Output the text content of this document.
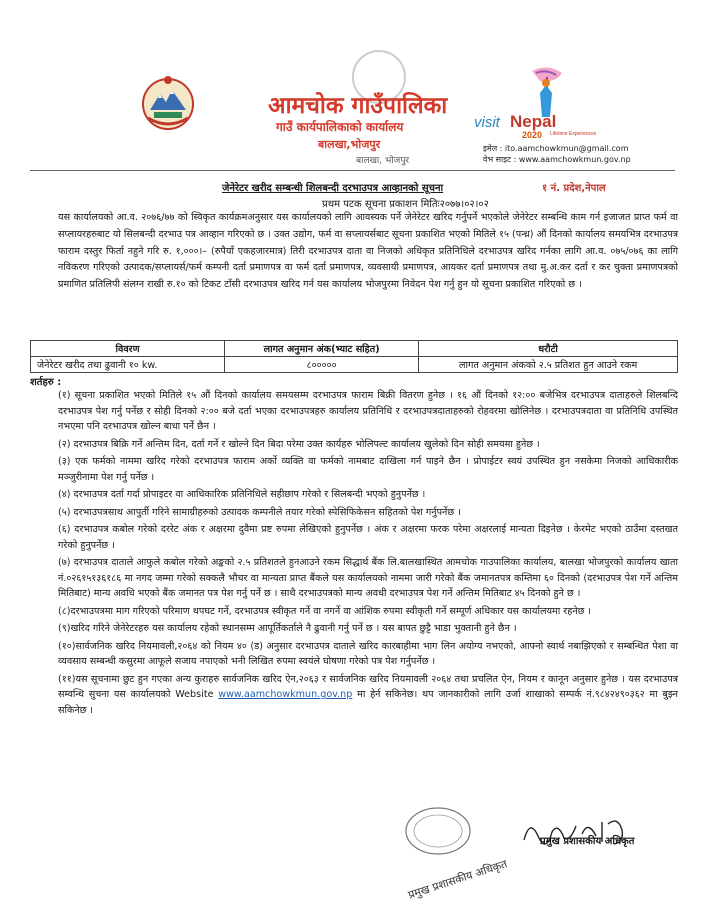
आमचोक गाउँपालिका
गाउँ कार्यपालिकाको कार्यालय
बालखा,भोजपुर
बालखा, भोजपुर
visit Nepal
2020 Lifetime Experiences
इमेल : ito.aamchowkmun@gmail.com
वेभ साइट : www.aamchowkmun.gov.np
जेनेरेटर खरीद सम्बन्धी शिलबन्दी दरभाउपत्र आव्हानको सूचना	१ नं. प्रदेश,नेपाल
प्रथम पटक सूचना प्रकाशन मितिः२०७७।०२।०२
यस कार्यालयको आ.व. २०७६/७७ को स्विकृत कार्यक्रमअनुसार यस कार्यालयको लागि आवस्यक पर्ने जेनेरेटर खरिद गर्नुपर्ने भएकोले जेनेरेटर सम्बन्धि काम गर्न इजाजत प्राप्त फर्म वा सप्लायरहरुबाट यो सिलबन्दी दरभाउ पत्र आव्हान गरिएको छ । उक्त उद्योग, फर्म वा सप्लायर्सबाट सूचना प्रकाशित भएको मितिले १५ (पन्ध्र) औं दिनको कार्यालय समयभित्र दरभाउपत्र फाराम दस्तुर फिर्ता नहुने गरि रु. १,०००।– (रुपैयाँ एकहजारमात्र) तिरी दरभाउपत्र दाता वा निजको अधिकृत प्रतिनिधिले दरभाउपत्र खरिद गर्नका लागि आ.व. ०७५/०७६ का लागि नविकरण गरिएको उत्पादक/सप्लायर्स/फर्म कम्पनी दर्ता प्रमाणपत्र वा फर्म दर्ता प्रमाणपत्र, व्यवसायी प्रमाणपत्र, आयकर दर्ता प्रमाणपत्र तथा मु.अ.कर दर्ता र कर चुक्ता प्रमाणपत्रको प्रमाणित प्रतिलिपी संलग्न राखी रु.१० को टिकट टाँसी दरभाउपत्र खरिद गर्न यस कार्यालय भोजपुरमा निवेदन पेश गर्नु हुन यो सूचना प्रकाशित गरिएको छ ।
विवरण	लागत अनुमान अंक(भ्याट सहित)	धरौटी
जेनेरेटर खरीद तथा ढुवानी १० kw.	८०००००	लागत अनुमान अंकको २.५ प्रतिशत हुन आउने रकम
शर्तहरु :

(१) सूचना प्रकाशित भएको मितिले १५ औं दिनको कार्यालय समयसम्म दरभाउपत्र फाराम बिक्री वितरण हुनेछ । १६ औं दिनको १२:०० बजेभित्र दरभाउपत्र दाताहरुले शिलबन्दि दरभाउपत्र पेश गर्नु पर्नेछ र सोही दिनको २:०० बजे दर्ता भएका दरभाउपत्रहरु कार्यालय प्रतिनिधि र दरभाउपत्रदाताहरुको रोहवरमा खोलिनेछ । दरभाउपत्रदाता वा प्रतिनिधि उपस्थित नभएमा पनि दरभाउपत्र खोल्न बाधा पर्ने छैन ।

(२) दरभाउपत्र बिक्रि गर्ने अन्तिम दिन, दर्ता गर्ने र खोल्ने दिन बिदा परेमा उक्त कार्यहरु भोलिपल्ट कार्यालय खुलेको दिन सोही समयमा हुनेछ ।

(३) एक फर्मको नाममा खरिद गरेको दरभाउपत्र फाराम अर्को व्यक्ति वा फर्मको नामबाट दाखिला गर्न पाइने छैन । प्रोपाईटर स्वयं उपस्थित हुन नसकेमा निजको आधिकारीक मञ्जुरीनामा पेश गर्नु पर्नेछ ।

(४) दरभाउपत्र दर्ता गर्दा प्रोपाइटर वा आधिकारिक प्रतिनिधिले सहीछाप गरेको र सिलबन्दी भएको हुनुपर्नेछ ।

(५) दरभाउपत्रसाथ आपुर्ती गरिने सामाग्रीहरुको उत्पादक कम्पनीले तयार गरेको स्पेसिफिकेसन सहितको पेश गर्नुपर्नेछ ।

(६) दरभाउपत्र कबोल गरेको दररेट अंक र अक्षरमा दुवैमा प्रष्ट रुपमा लेखिएको हुनुपर्नेछ । अंक र अक्षरमा फरक परेमा अक्षरलाई मान्यता दिइनेछ । केरमेट भएको ठाउँमा दस्तखत गरेको हुनुपर्नेछ ।

(७) दरभाउपत्र दाताले आफुले कबोल गरेको अङ्कको २.५ प्रतिशतले हुनआउने रकम सिद्धार्थ बैंक लि.बालखास्थित आमचोक गाउपालिका कार्यालय, बालखा भोजपुरको कार्यालय खाता नं.०२६१५१३६१८६ मा नगद जम्मा गरेको सक्कलै भौचर वा मान्यता प्राप्त बैंकले यस कार्यालयको नाममा जारी गरेको बैंक जमानतपत्र कम्तिमा ६० दिनको (दरभाउपत्र पेश गर्ने अन्तिम मितिबाट) मान्य अवधि भएको बैंक जमानत पत्र पेश गर्नु पर्ने छ । साथै दरभाउपत्रको मान्य अवधी दरभाउपत्र पेश गर्ने अन्तिम मितिबाट ४५ दिनको हुने छ ।

(८)दरभाउपत्रमा माग गरिएको परिमाण थपघट गर्ने, दरभाउपत्र स्वीकृत गर्ने वा नगर्ने वा आंशिक रुपमा स्वीकृती गर्ने सम्पूर्ण अधिकार यस कार्यालयमा रहनेछ ।

(९)खरिद गरिने जेनेरेटरहरु यस कार्यालय रहेको स्थानसम्म आपूर्तिकर्ताले नै ढुवानी गर्नु पर्ने छ । यस बापत छुट्टै भाडा भुक्तानी हुने छैन ।

(१०)सार्वजनिक खरिद नियमावली,२०६४ को नियम ४० (ड) अनुसार दरभाउपत्र दाताले खरिद कारबाहीमा भाग लिन अयोग्य नभएको, आफ्नो स्वार्थ नबाझिएको र सम्बन्धित पेशा वा व्यवसाय सम्बन्धी कसुरमा आफूले सजाय नपाएको भनी लिखित रुपमा स्वयंले घोषणा गरेको पत्र पेश गर्नुपर्नेछ ।

(११)यस सूचनामा छुट हुन गएका अन्य कुराहरु सार्वजनिक खरिद ऐन,२०६३ र सार्वजनिक खरिद नियमावली २०६४ तथा प्रचलित ऐन, नियम र कानून अनुसार हुनेछ । यस दरभाउपत्र सम्वन्धि सुचना यस कार्यालयको Website www.aamchowkmun.gov.np मा हेर्न सकिनेछ। थप जानकारीको लागि उर्जा शाखाको सम्पर्क नं.९८४२४९०३६२ मा बुझ्न सकिनेछ ।

प्रमुख प्रशासकीय अधिकृत
प्रमुख प्रशासकीय अधिकृत
